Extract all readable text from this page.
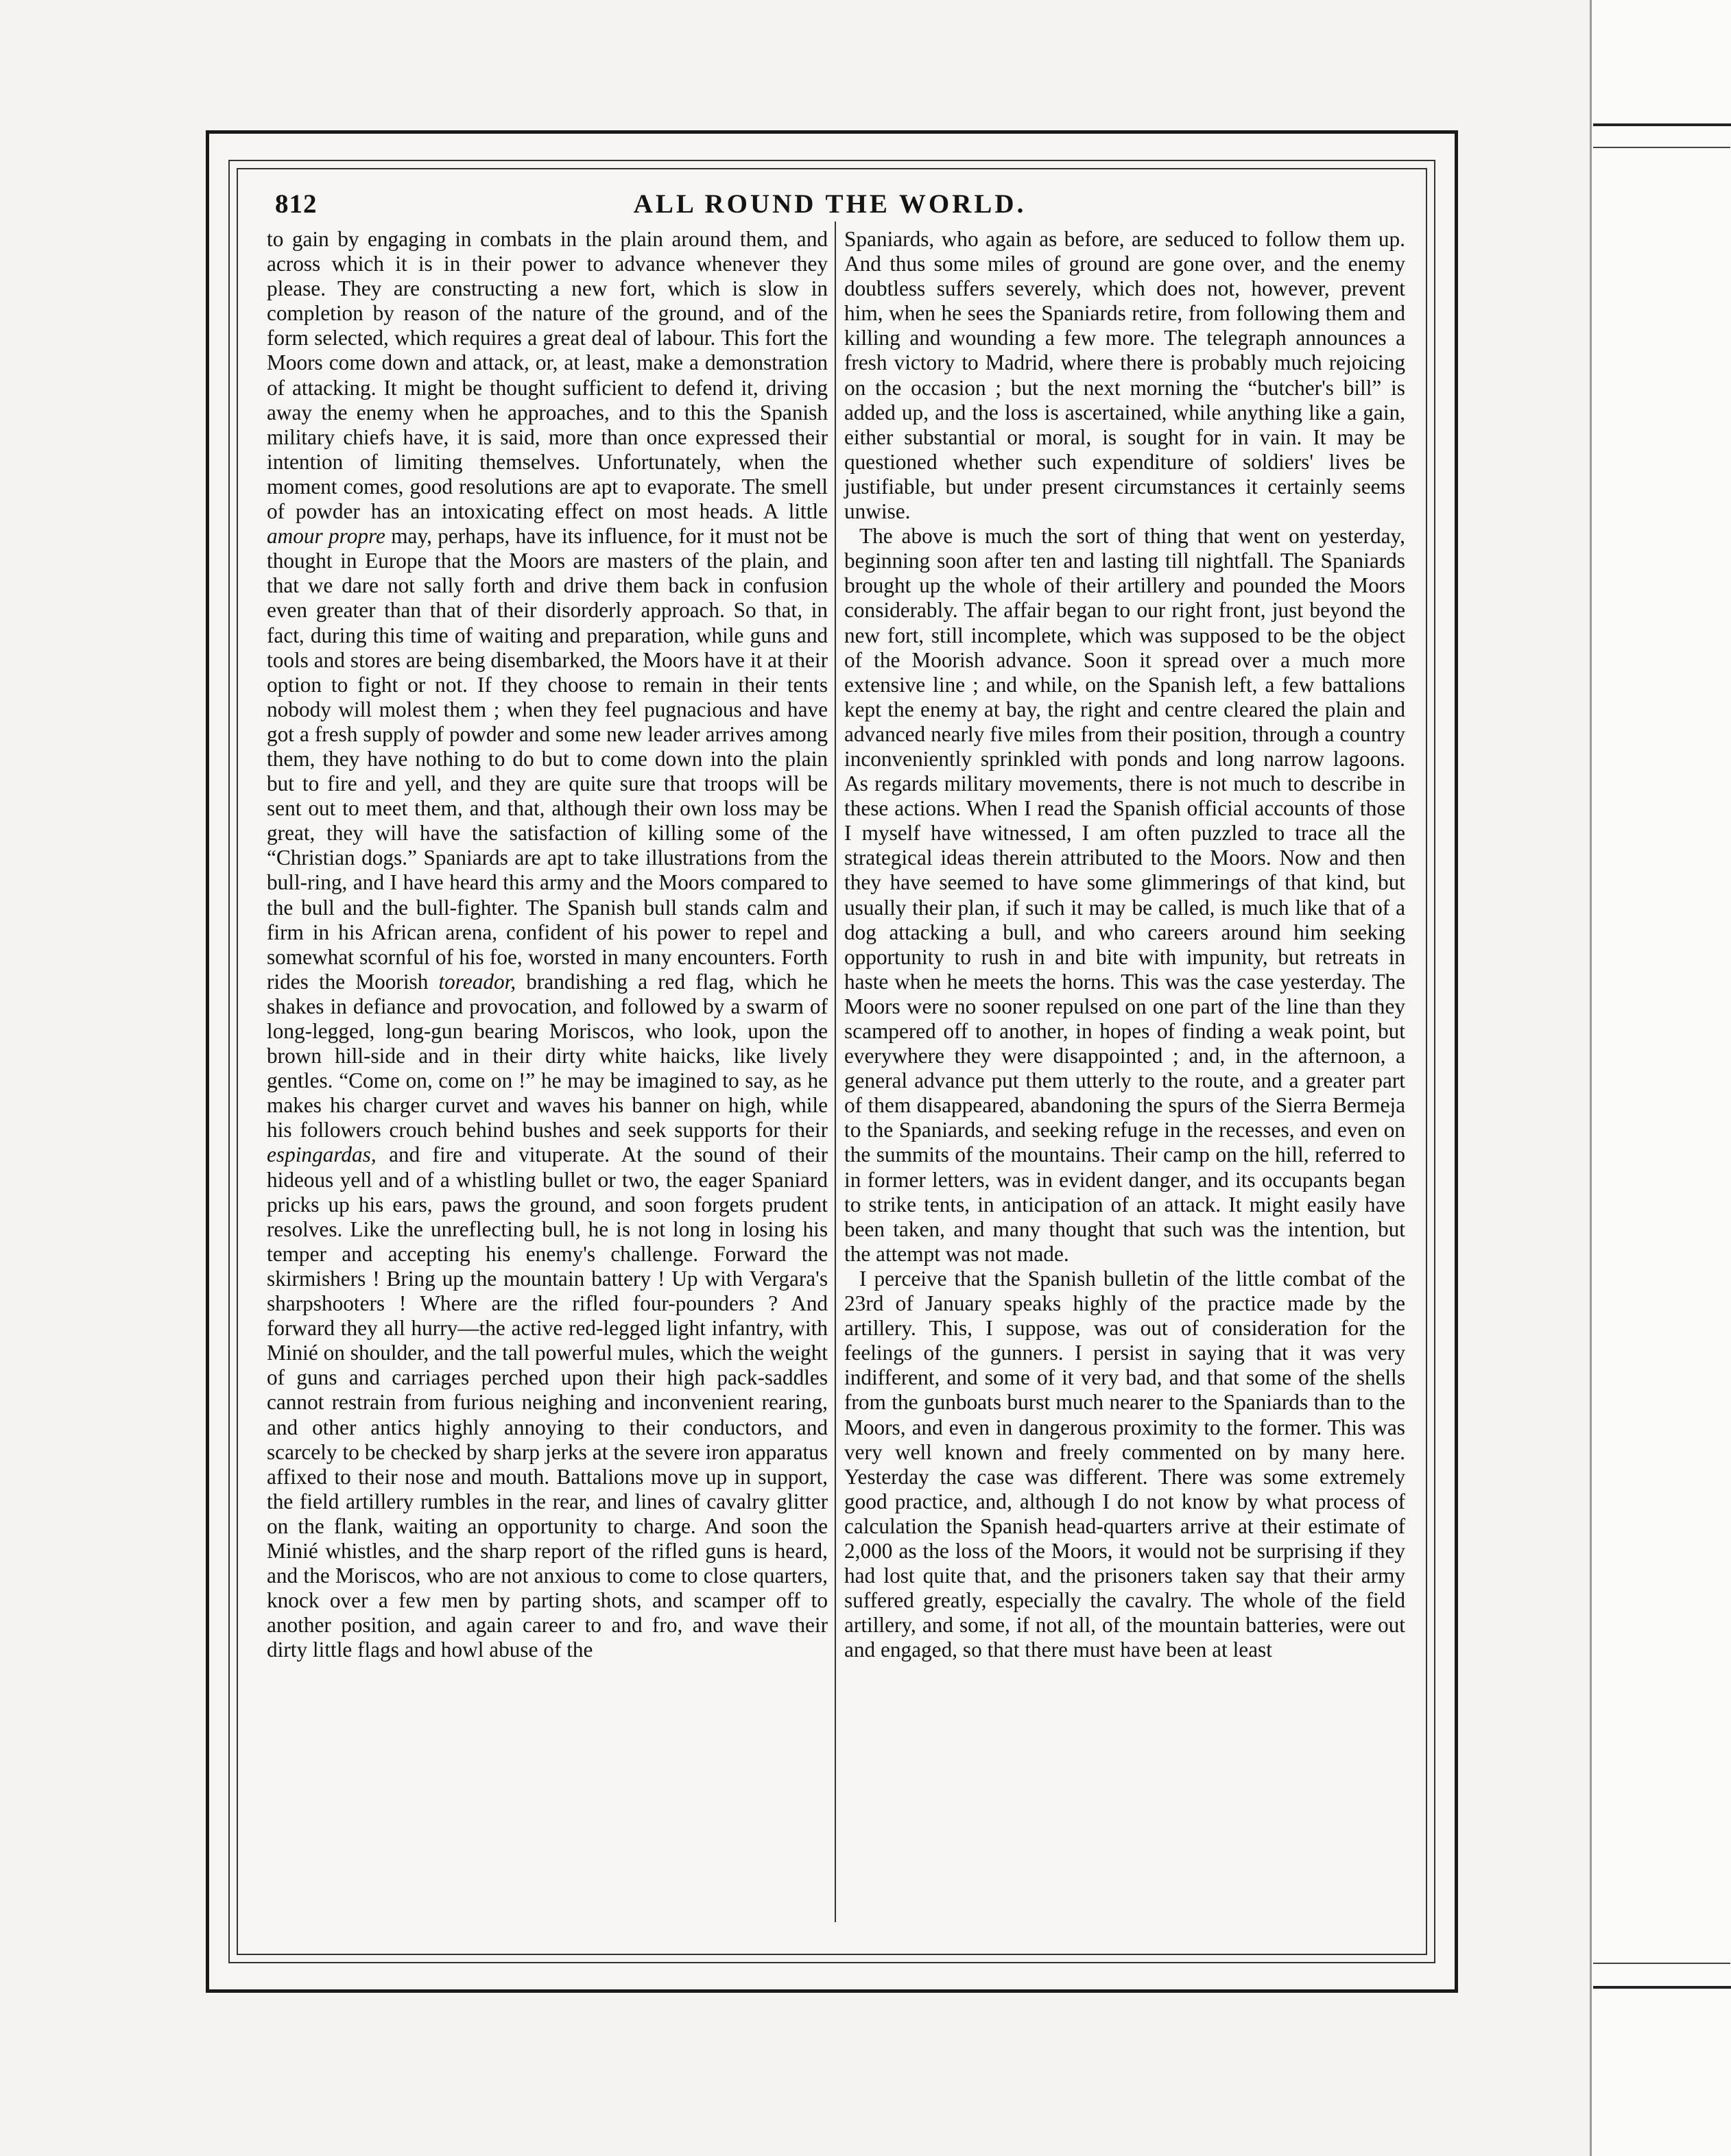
812	ALL ROUND THE WORLD.

to gain by engaging in combats in the plain around them, and across which it is in their power to advance whenever they please. They are constructing a new fort, which is slow in completion by reason of the nature of the ground, and of the form selected, which requires a great deal of labour. This fort the Moors come down and attack, or, at least, make a demonstration of attacking. It might be thought sufficient to defend it, driving away the enemy when he approaches, and to this the Spanish military chiefs have, it is said, more than once expressed their intention of limiting themselves. Unfortunately, when the moment comes, good resolutions are apt to evaporate. The smell of powder has an intoxicating effect on most heads. A little amour propre may, perhaps, have its influence, for it must not be thought in Europe that the Moors are masters of the plain, and that we dare not sally forth and drive them back in confusion even greater than that of their disorderly approach. So that, in fact, during this time of waiting and preparation, while guns and tools and stores are being disembarked, the Moors have it at their option to fight or not. If they choose to remain in their tents nobody will molest them ; when they feel pugnacious and have got a fresh supply of powder and some new leader arrives among them, they have nothing to do but to come down into the plain but to fire and yell, and they are quite sure that troops will be sent out to meet them, and that, although their own loss may be great, they will have the satisfaction of killing some of the “Christian dogs.” Spaniards are apt to take illustrations from the bull-ring, and I have heard this army and the Moors compared to the bull and the bull-fighter. The Spanish bull stands calm and firm in his African arena, confident of his power to repel and somewhat scornful of his foe, worsted in many encounters. Forth rides the Moorish toreador, brandishing a red flag, which he shakes in defiance and provocation, and followed by a swarm of long-legged, long-gun bearing Moriscos, who look, upon the brown hill-side and in their dirty white haicks, like lively gentles. “Come on, come on !” he may be imagined to say, as he makes his charger curvet and waves his banner on high, while his followers crouch behind bushes and seek supports for their espingardas, and fire and vituperate. At the sound of their hideous yell and of a whistling bullet or two, the eager Spaniard pricks up his ears, paws the ground, and soon forgets prudent resolves. Like the unreflecting bull, he is not long in losing his temper and accepting his enemy's challenge. Forward the skirmishers ! Bring up the mountain battery ! Up with Vergara's sharpshooters ! Where are the rifled four-pounders ? And forward they all hurry—the active red-legged light infantry, with Minié on shoulder, and the tall powerful mules, which the weight of guns and carriages perched upon their high pack-saddles cannot restrain from furious neighing and inconvenient rearing, and other antics highly annoying to their conductors, and scarcely to be checked by sharp jerks at the severe iron apparatus affixed to their nose and mouth. Battalions move up in support, the field artillery rumbles in the rear, and lines of cavalry glitter on the flank, waiting an opportunity to charge. And soon the Minié whistles, and the sharp report of the rifled guns is heard, and the Moriscos, who are not anxious to come to close quarters, knock over a few men by parting shots, and scamper off to another position, and again career to and fro, and wave their dirty little flags and howl abuse of the

Spaniards, who again as before, are seduced to follow them up. And thus some miles of ground are gone over, and the enemy doubtless suffers severely, which does not, however, prevent him, when he sees the Spaniards retire, from following them and killing and wounding a few more. The telegraph announces a fresh victory to Madrid, where there is probably much rejoicing on the occasion ; but the next morning the “butcher's bill” is added up, and the loss is ascertained, while anything like a gain, either substantial or moral, is sought for in vain. It may be questioned whether such expenditure of soldiers' lives be justifiable, but under present circumstances it certainly seems unwise.

The above is much the sort of thing that went on yesterday, beginning soon after ten and lasting till nightfall. The Spaniards brought up the whole of their artillery and pounded the Moors considerably. The affair began to our right front, just beyond the new fort, still incomplete, which was supposed to be the object of the Moorish advance. Soon it spread over a much more extensive line ; and while, on the Spanish left, a few battalions kept the enemy at bay, the right and centre cleared the plain and advanced nearly five miles from their position, through a country inconveniently sprinkled with ponds and long narrow lagoons. As regards military movements, there is not much to describe in these actions. When I read the Spanish official accounts of those I myself have witnessed, I am often puzzled to trace all the strategical ideas therein attributed to the Moors. Now and then they have seemed to have some glimmerings of that kind, but usually their plan, if such it may be called, is much like that of a dog attacking a bull, and who careers around him seeking opportunity to rush in and bite with impunity, but retreats in haste when he meets the horns. This was the case yesterday. The Moors were no sooner repulsed on one part of the line than they scampered off to another, in hopes of finding a weak point, but everywhere they were disappointed ; and, in the afternoon, a general advance put them utterly to the route, and a greater part of them disappeared, abandoning the spurs of the Sierra Bermeja to the Spaniards, and seeking refuge in the recesses, and even on the summits of the mountains. Their camp on the hill, referred to in former letters, was in evident danger, and its occupants began to strike tents, in anticipation of an attack. It might easily have been taken, and many thought that such was the intention, but the attempt was not made.

I perceive that the Spanish bulletin of the little combat of the 23rd of January speaks highly of the practice made by the artillery. This, I suppose, was out of consideration for the feelings of the gunners. I persist in saying that it was very indifferent, and some of it very bad, and that some of the shells from the gunboats burst much nearer to the Spaniards than to the Moors, and even in dangerous proximity to the former. This was very well known and freely commented on by many here. Yesterday the case was different. There was some extremely good practice, and, although I do not know by what process of calculation the Spanish head-quarters arrive at their estimate of 2,000 as the loss of the Moors, it would not be surprising if they had lost quite that, and the prisoners taken say that their army suffered greatly, especially the cavalry. The whole of the field artillery, and some, if not all, of the mountain batteries, were out and engaged, so that there must have been at least
